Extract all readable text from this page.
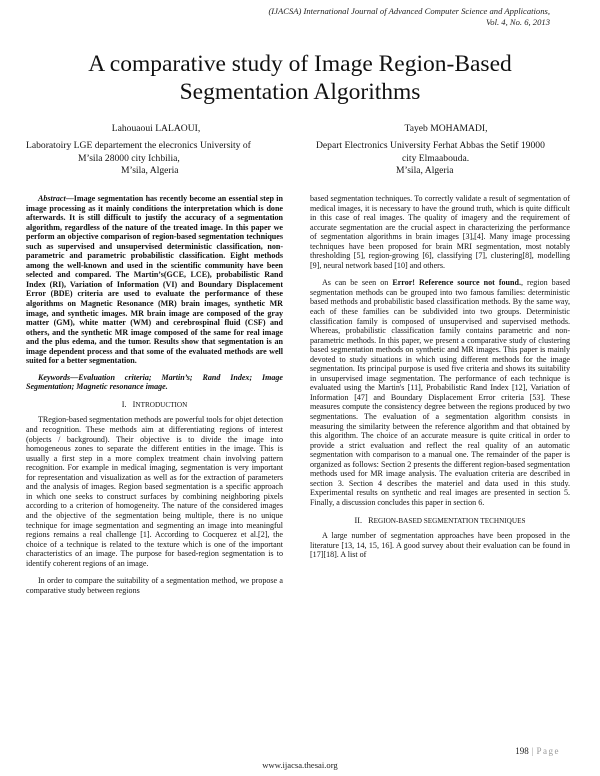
(IJACSA) International Journal of Advanced Computer Science and Applications,
Vol. 4, No. 6, 2013
A comparative study of Image Region-Based
Segmentation Algorithms
Lahouaoui LALAOUI,
Laboratoiry LGE departement the elecronics University of
M’sila 28000 city Ichbilia,
M’sila, Algeria
Tayeb MOHAMADI,
Depart Electronics University Ferhat Abbas the Setif 19000
city Elmaabouda.
M’sila, Algeria

Abstract—Image segmentation has recently become an essential step in image processing as it mainly conditions the interpretation which is done afterwards. It is still difficult to justify the accuracy of a segmentation algorithm, regardless of the nature of the treated image. In this paper we perform an objective comparison of region-based segmentation techniques such as supervised and unsupervised deterministic classification, non-parametric and parametric probabilistic classification. Eight methods among the well-known and used in the scientific community have been selected and compared. The Martin’s(GCE, LCE), probabilistic Rand Index (RI), Variation of Information (VI) and Boundary Displacement Error (BDE) criteria are used to evaluate the performance of these algorithms on Magnetic Resonance (MR) brain images, synthetic MR image, and synthetic images. MR brain image are composed of the gray matter (GM), white matter (WM) and cerebrospinal fluid (CSF) and others, and the synthetic MR image composed of the same for real image and the plus edema, and the tumor. Results show that segmentation is an image dependent process and that some of the evaluated methods are well suited for a better segmentation.

Keywords—Evaluation criteria; Martin’s; Rand Index; Image Segmentation; Magnetic resonance image.

I. INTRODUCTION

TRegion-based segmentation methods are powerful tools for objet detection and recognition. These methods aim at differentiating regions of interest (objects / background). Their objective is to divide the image into homogeneous zones to separate the different entities in the image. This is usually a first step in a more complex treatment chain involving pattern recognition. For example in medical imaging, segmentation is very important for representation and visualization as well as for the extraction of parameters and the analysis of images. Region based segmentation is a specific approach in which one seeks to construct surfaces by combining neighboring pixels according to a criterion of homogeneity. The nature of the considered images and the objective of the segmentation being multiple, there is no unique technique for image segmentation and segmenting an image into meaningful regions remains a real challenge [1]. According to Cocquerez et al.[2], the choice of a technique is related to the texture which is one of the important characteristics of an image. The purpose for based-region segmentation is to identify coherent regions of an image.

In order to compare the suitability of a segmentation method, we propose a comparative study between regions

based segmentation techniques. To correctly validate a result of segmentation of medical images, it is necessary to have the ground truth, which is quite difficult in this case of real images. The quality of imagery and the requirement of accurate segmentation are the crucial aspect in characterizing the performance of segmentation algorithms in brain images [3],[4]. Many image processing techniques have been proposed for brain MRI segmentation, most notably thresholding [5], region-growing [6], classifying [7], clustering[8], modelling [9], neural network based [10] and others.

As can be seen on Error! Reference source not found., region based segmentation methods can be grouped into two famous families: deterministic based methods and probabilistic based classification methods. By the same way, each of these families can be subdivided into two groups. Deterministic classification family is composed of unsupervised and supervised methods. Whereas, probabilistic classification family contains parametric and non-parametric methods. In this paper, we present a comparative study of clustering based segmentation methods on synthetic and MR images. This paper is mainly devoted to study situations in which using different methods for the image segmentation. Its principal purpose is used five criteria and shows its suitability in unsupervised image segmentation. The performance of each technique is evaluated using the Martin's [11], Probabilistic Rand Index [12], Variation of Information [47] and Boundary Displacement Error criteria [53]. These measures compute the consistency degree between the regions produced by two segmentations. The evaluation of a segmentation algorithm consists in measuring the similarity between the reference algorithm and that obtained by this algorithm. The choice of an accurate measure is quite critical in order to provide a strict evaluation and reflect the real quality of an automatic segmentation with comparison to a manual one. The remainder of the paper is organized as follows: Section 2 presents the different region-based segmentation methods used for MR image analysis. The evaluation criteria are described in section 3. Section 4 describes the materiel and data used in this study. Experimental results on synthetic and real images are presented in section 5. Finally, a discussion concludes this paper in section 6.

II. REGION-BASED SEGMENTATION TECHNIQUES

A large number of segmentation approaches have been proposed in the literature [13, 14, 15, 16]. A good survey about their evaluation can be found in [17][18]. A list of

198 | Page
www.ijacsa.thesai.org
